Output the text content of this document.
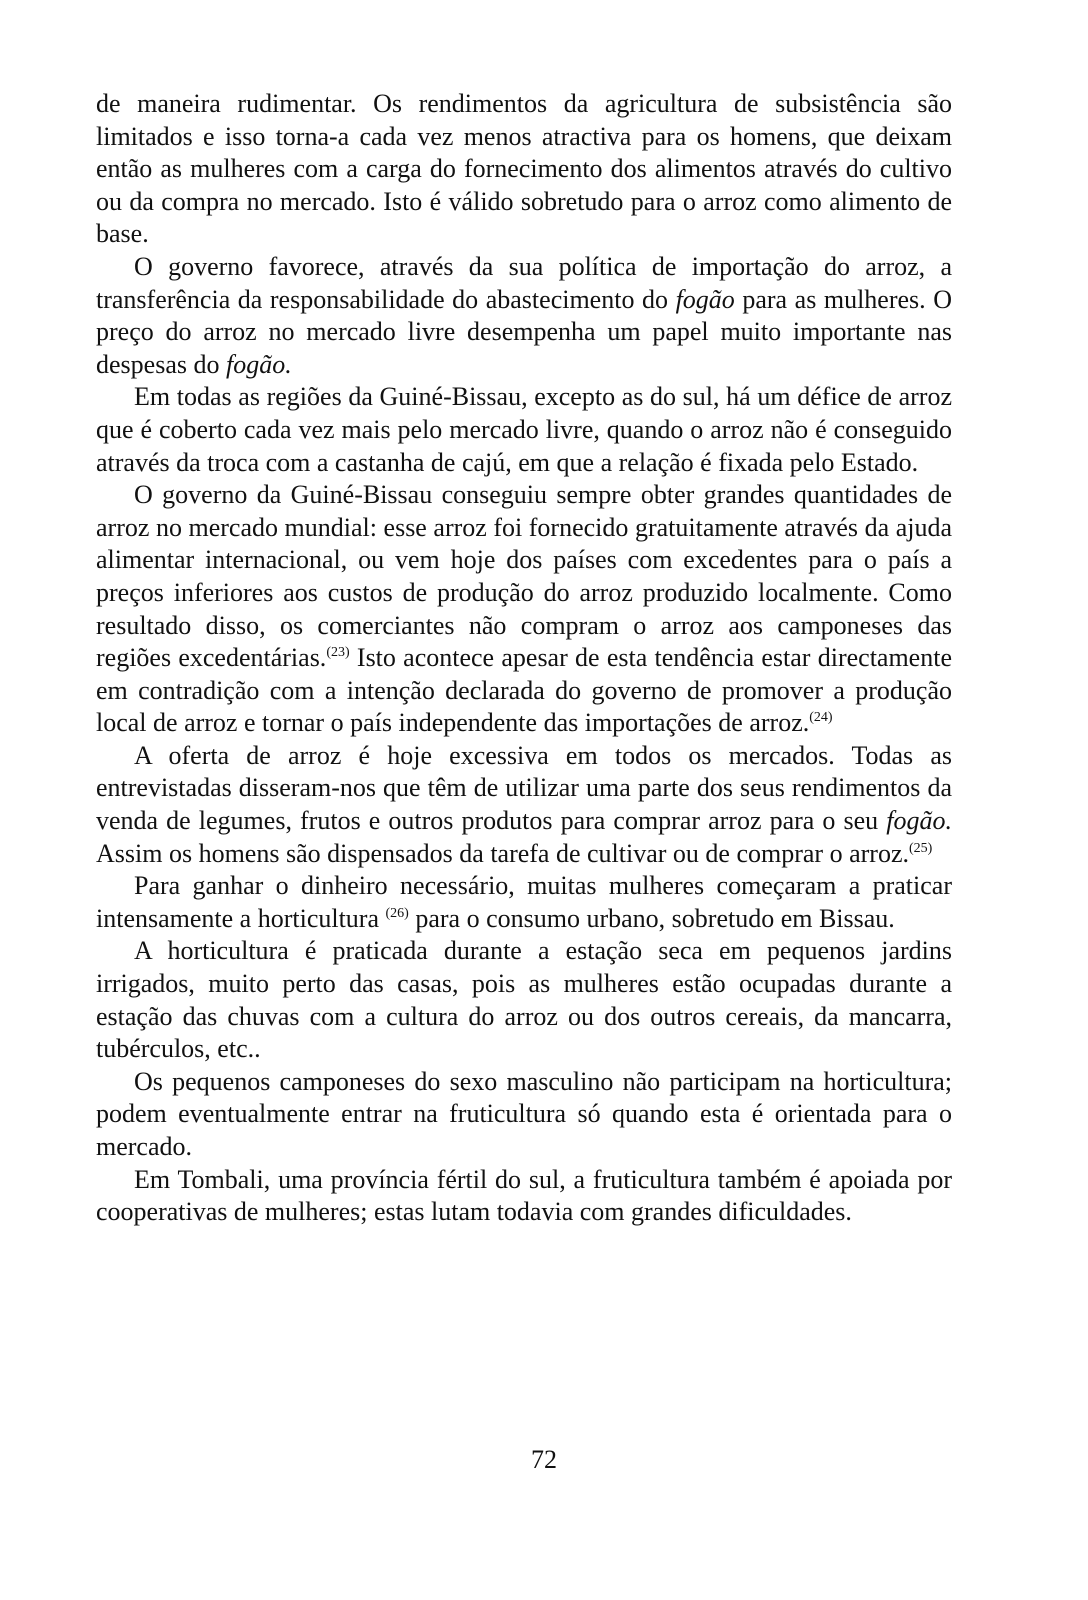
de maneira rudimentar. Os rendimentos da agricultura de subsistência são limitados e isso torna-a cada vez menos atractiva para os homens, que deixam então as mulheres com a carga do fornecimento dos alimentos através do cultivo ou da compra no mercado. Isto é válido sobretudo para o arroz como alimento de base.

O governo favorece, através da sua política de importação do arroz, a transferência da responsabilidade do abastecimento do fogão para as mulheres. O preço do arroz no mercado livre desempenha um papel muito importante nas despesas do fogão.

Em todas as regiões da Guiné-Bissau, excepto as do sul, há um défice de arroz que é coberto cada vez mais pelo mercado livre, quando o arroz não é conseguido através da troca com a castanha de cajú, em que a relação é fixada pelo Estado.

O governo da Guiné-Bissau conseguiu sempre obter grandes quantidades de arroz no mercado mundial: esse arroz foi fornecido gratuitamente através da ajuda alimentar internacional, ou vem hoje dos países com excedentes para o país a preços inferiores aos custos de produção do arroz produzido localmente. Como resultado disso, os comerciantes não compram o arroz aos camponeses das regiões excedentárias.$^{(23)}$ Isto acontece apesar de esta tendência estar directamente em contradição com a intenção declarada do governo de promover a produção local de arroz e tornar o país independente das importações de arroz.$^{(24)}$

A oferta de arroz é hoje excessiva em todos os mercados. Todas as entrevistadas disseram-nos que têm de utilizar uma parte dos seus rendimentos da venda de legumes, frutos e outros produtos para comprar arroz para o seu fogão. Assim os homens são dispensados da tarefa de cultivar ou de comprar o arroz.$^{(25)}$

Para ganhar o dinheiro necessário, muitas mulheres começaram a praticar intensamente a horticultura $^{(26)}$ para o consumo urbano, sobretudo em Bissau.

A horticultura é praticada durante a estação seca em pequenos jardins irrigados, muito perto das casas, pois as mulheres estão ocupadas durante a estação das chuvas com a cultura do arroz ou dos outros cereais, da mancarra, tubérculos, etc..

Os pequenos camponeses do sexo masculino não participam na horticultura; podem eventualmente entrar na fruticultura só quando esta é orientada para o mercado.

Em Tombali, uma província fértil do sul, a fruticultura também é apoiada por cooperativas de mulheres; estas lutam todavia com grandes dificuldades.

72
